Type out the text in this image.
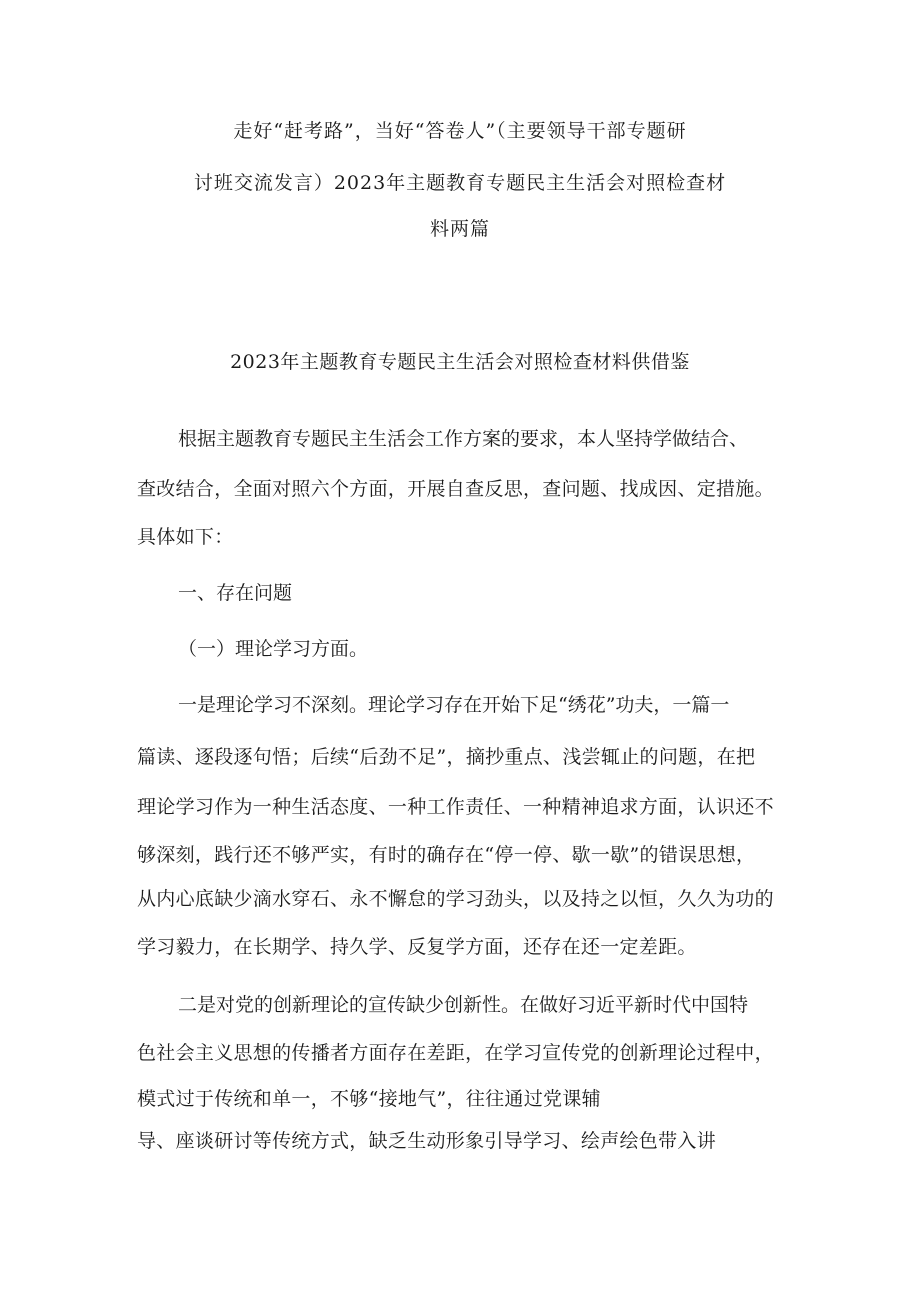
走好“赶考路”，当好“答卷人”（主要领导干部专题研
讨班交流发言）2023年主题教育专题民主生活会对照检查材
料两篇
2023年主题教育专题民主生活会对照检查材料供借鉴
根据主题教育专题民主生活会工作方案的要求，本人坚持学做结合、
查改结合，全面对照六个方面，开展自查反思，查问题、找成因、定措施。
具体如下：
一、存在问题
（一）理论学习方面。
一是理论学习不深刻。理论学习存在开始下足“绣花”功夫，一篇一
篇读、逐段逐句悟；后续“后劲不足”，摘抄重点、浅尝辄止的问题，在把
理论学习作为一种生活态度、一种工作责任、一种精神追求方面，认识还不
够深刻，践行还不够严实，有时的确存在“停一停、歇一歇”的错误思想，
从内心底缺少滴水穿石、永不懈怠的学习劲头，以及持之以恒，久久为功的
学习毅力，在长期学、持久学、反复学方面，还存在还一定差距。
二是对党的创新理论的宣传缺少创新性。在做好习近平新时代中国特
色社会主义思想的传播者方面存在差距，在学习宣传党的创新理论过程中，
模式过于传统和单一，不够“接地气”，往往通过党课辅
导、座谈研讨等传统方式，缺乏生动形象引导学习、绘声绘色带入讲
